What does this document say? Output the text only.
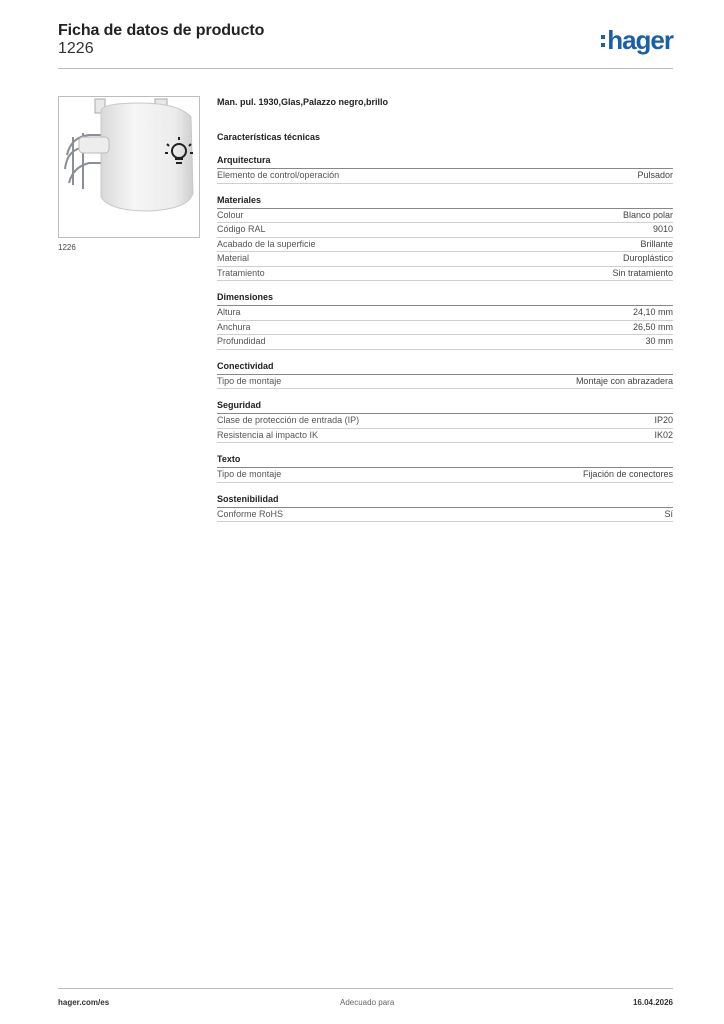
Ficha de datos de producto
1226	hager
1226
Man. pul. 1930,Glas,Palazzo negro,brillo
Características técnicas
Arquitectura
Elemento de control/operación	Pulsador
Materiales
Colour	Blanco polar
Código RAL	9010
Acabado de la superficie	Brillante
Material	Duroplástico
Tratamiento	Sin tratamiento
Dimensiones
Altura	24,10 mm
Anchura	26,50 mm
Profundidad	30 mm
Conectividad
Tipo de montaje	Montaje con abrazadera
Seguridad
Clase de protección de entrada (IP)	IP20
Resistencia al impacto IK	IK02
Texto
Tipo de montaje	Fijación de conectores
Sostenibilidad
Conforme RoHS	Sí
hager.com/es	Adecuado para	16.04.2026
